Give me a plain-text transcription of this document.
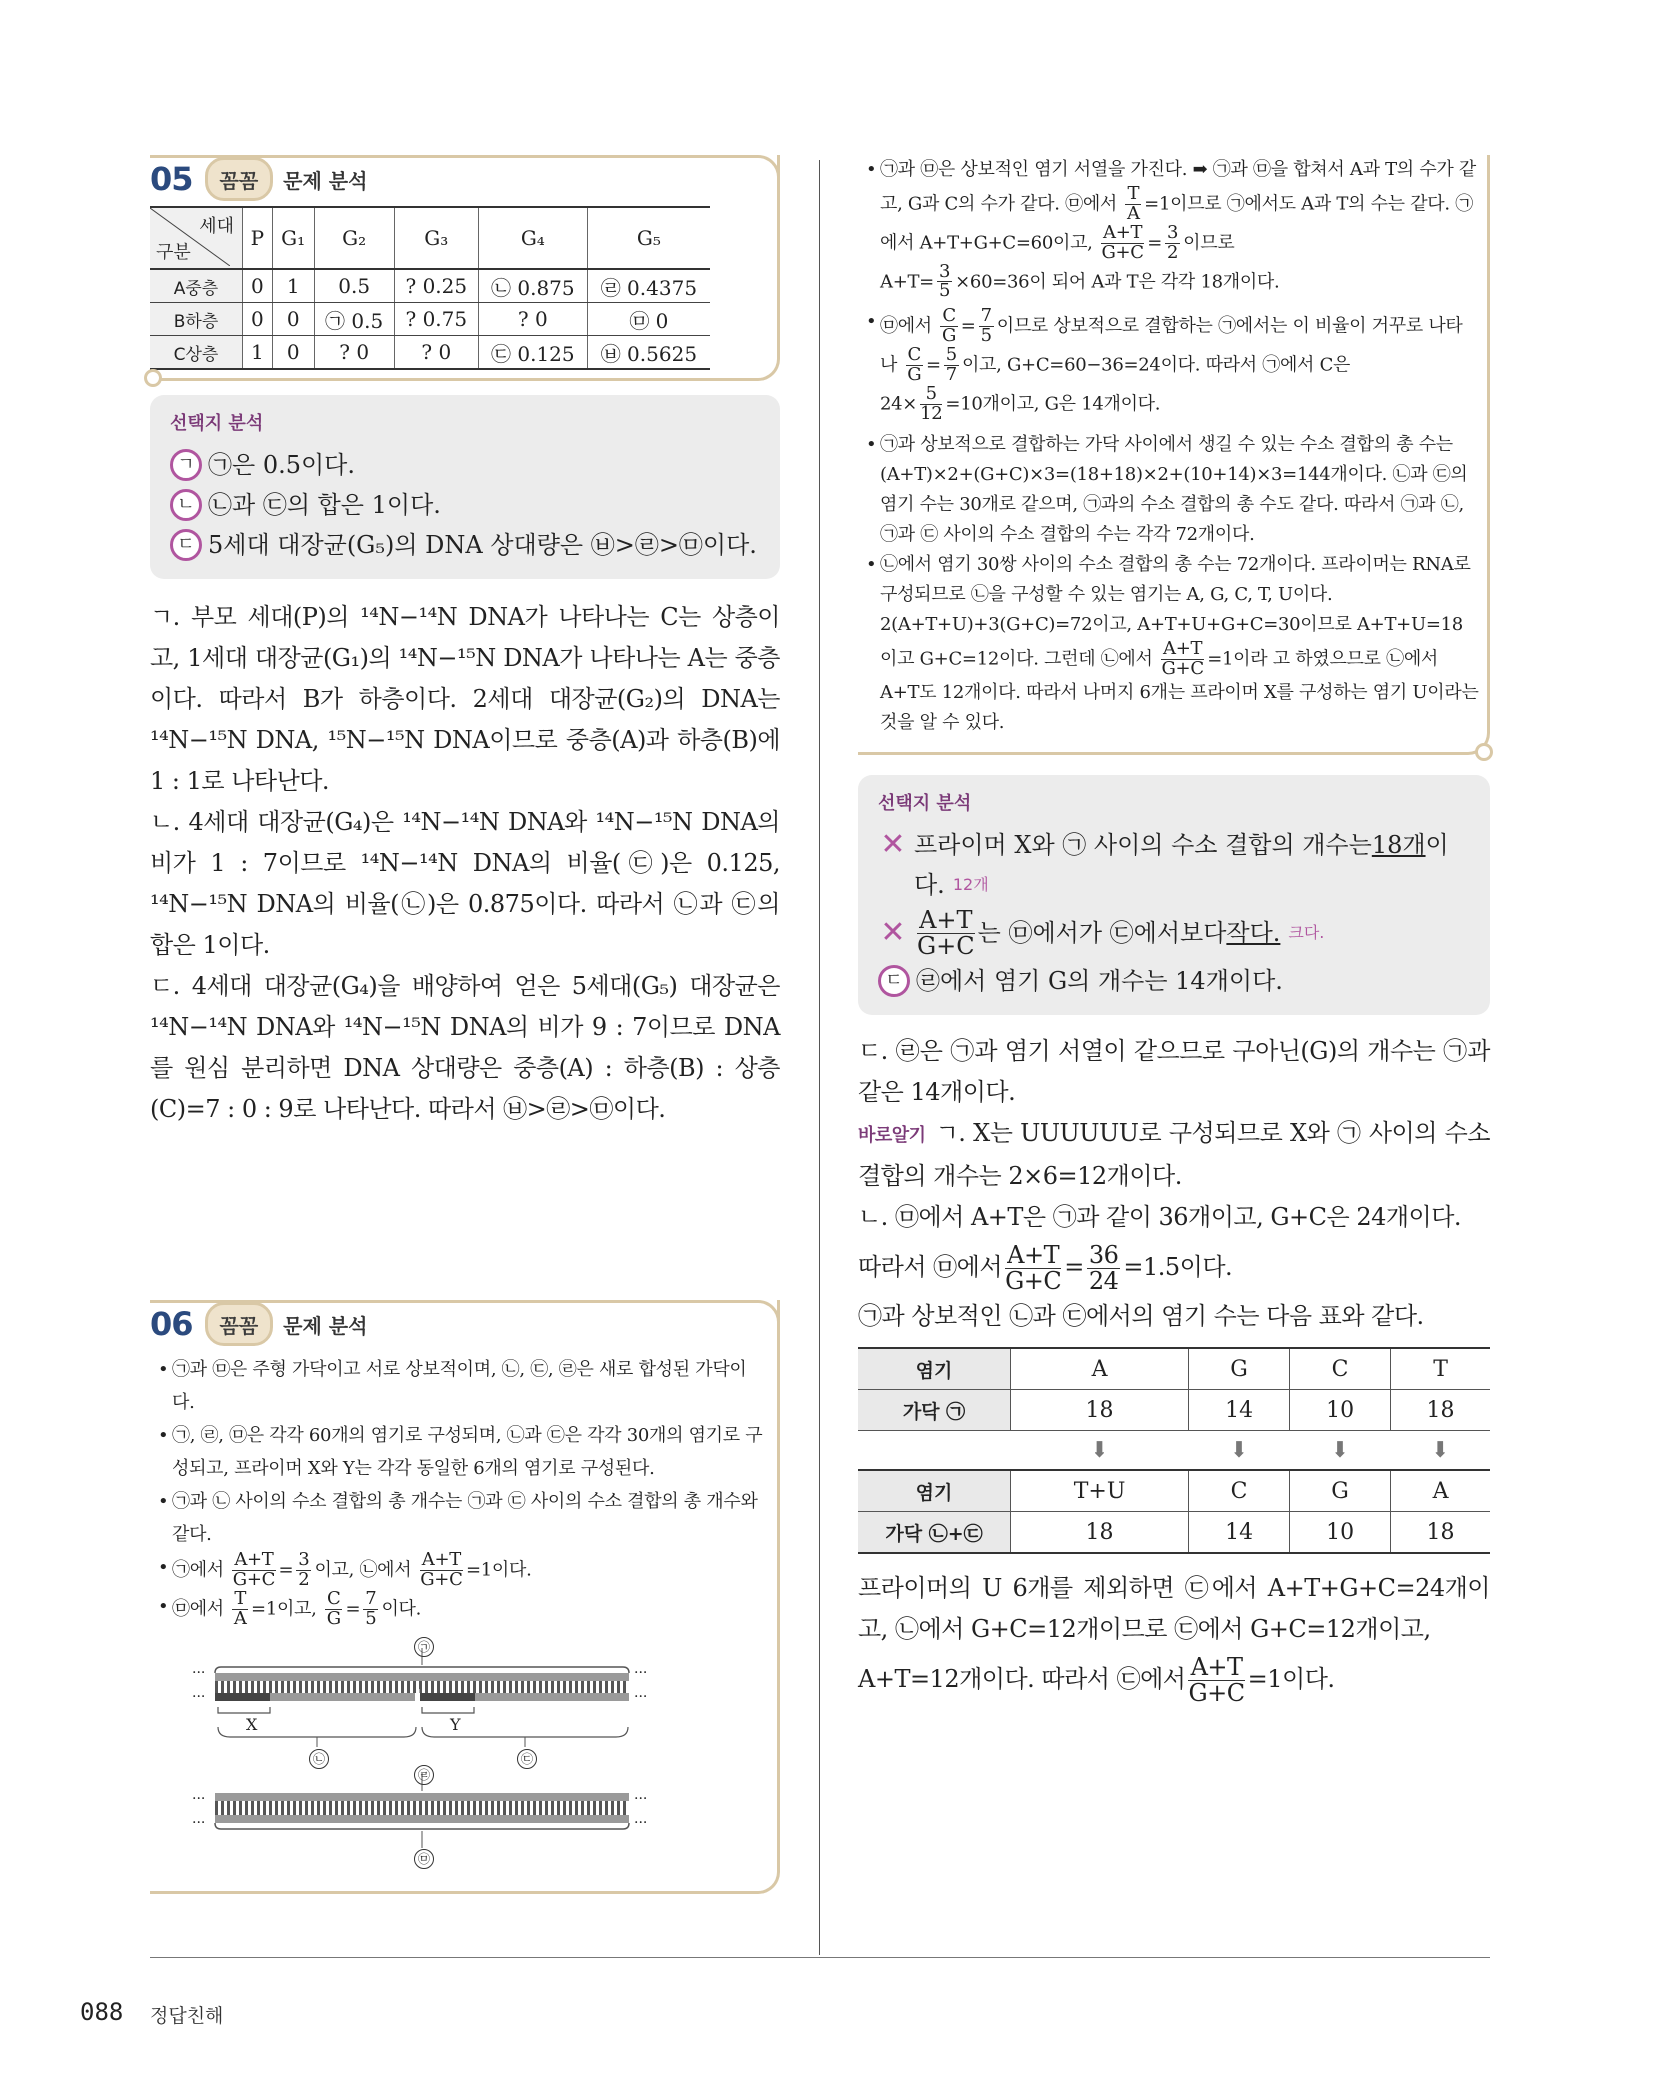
05	꼼꼼	문제 분석
세대
구분	P	G₁	G₂	G₃	G₄	G₅
A중층	0	1	0.5	? 0.25	㉡ 0.875	㉣ 0.4375
B하층	0	0	㉠ 0.5	? 0.75	? 0	㉤ 0
C상층	1	0	? 0	? 0	㉢ 0.125	㉥ 0.5625
선택지 분석
ㄱ ㉠은 0.5이다.
ㄴ ㉡과 ㉢의 합은 1이다.
ㄷ 5세대 대장균(G₅)의 DNA 상대량은 ㉥>㉣>㉤이다.

ㄱ. 부모 세대(P)의 ¹⁴N−¹⁴N DNA가 나타나는 C는 상층이고, 1세대 대장균(G₁)의 ¹⁴N−¹⁵N DNA가 나타나는 A는 중층이다. 따라서 B가 하층이다. 2세대 대장균(G₂)의 DNA는 ¹⁴N−¹⁵N DNA, ¹⁵N−¹⁵N DNA이므로 중층(A)과 하층(B)에 1 : 1로 나타난다.

ㄴ. 4세대 대장균(G₄)은 ¹⁴N−¹⁴N DNA와 ¹⁴N−¹⁵N DNA의 비가 1 : 7이므로 ¹⁴N−¹⁴N DNA의 비율(㉢)은 0.125, ¹⁴N−¹⁵N DNA의 비율(㉡)은 0.875이다. 따라서 ㉡과 ㉢의 합은 1이다.

ㄷ. 4세대 대장균(G₄)을 배양하여 얻은 5세대(G₅) 대장균은 ¹⁴N−¹⁴N DNA와 ¹⁴N−¹⁵N DNA의 비가 9 : 7이므로 DNA를 원심 분리하면 DNA 상대량은 중층(A) : 하층(B) : 상층(C)=7 : 0 : 9로 나타난다. 따라서 ㉥>㉣>㉤이다.

06	꼼꼼	문제 분석
• ㉠과 ㉤은 주형 가닥이고 서로 상보적이며, ㉡, ㉢, ㉣은 새로 합성된 가닥이다.
• ㉠, ㉣, ㉤은 각각 60개의 염기로 구성되며, ㉡과 ㉢은 각각 30개의 염기로 구성되고, 프라이머 X와 Y는 각각 동일한 6개의 염기로 구성된다.
• ㉠과 ㉡ 사이의 수소 결합의 총 개수는 ㉠과 ㉢ 사이의 수소 결합의 총 개수와 같다.
• ㉠에서 $\frac{A+T}{G+C} = \frac{3}{2}$ 이고, ㉡에서 $\frac{A+T}{G+C} =1$이다.
• ㉤에서 $\frac{T}{A} =1$이고, $\frac{C}{G} = \frac{7}{5}$ 이다.
㉠
X	Y
㉡	㉢
㉣
㉤
...
...
...
...
...
...
...
...
• ㉠과 ㉤은 상보적인 염기 서열을 가진다. ➡ ㉠과 ㉤을 합쳐서 A과 T의 수가 같고, G과 C의 수가 같다. ㉤에서 $\frac{T}{A} =1$이므로 ㉠에서도 A과 T의 수는 같다. ㉠에서 A+T+G+C=60이고, $\frac{A+T}{G+C} = \frac{3}{2}$ 이므로
$A+T= \frac{3}{5} \times 60=36$이 되어 A과 T은 각각 18개이다.
• ㉤에서 $\frac{C}{G} = \frac{7}{5}$ 이므로 상보적으로 결합하는 ㉠에서는 이 비율이 거꾸로 나타나 $\frac{C}{G} = \frac{5}{7}$ 이고, G+C=60−36=24이다. 따라서 ㉠에서 C은
$24\times \frac{5}{12} =10$개이고, G은 14개이다.
• ㉠과 상보적으로 결합하는 가닥 사이에서 생길 수 있는 수소 결합의 총 수는 (A+T)×2+(G+C)×3=(18+18)×2+(10+14)×3=144개이다. ㉡과 ㉢의 염기 수는 30개로 같으며, ㉠과의 수소 결합의 총 수도 같다. 따라서 ㉠과 ㉡, ㉠과 ㉢ 사이의 수소 결합의 수는 각각 72개이다.
• ㉡에서 염기 30쌍 사이의 수소 결합의 총 수는 72개이다. 프라이머는 RNA로 구성되므로 ㉡을 구성할 수 있는 염기는 A, G, C, T, U이다. 2(A+T+U)+3(G+C)=72이고, A+T+U+G+C=30이므로 A+T+U=18이고 G+C=12이다. 그런데 ㉡에서 $\frac{A+T}{G+C} =1$이라 고 하였으므로 ㉡에서 A+T도 12개이다. 따라서 나머지 6개는 프라이머 X를 구성하는 염기 U이라는 것을 알 수 있다.
선택지 분석
✕ 프라이머 X와 ㉠ 사이의 수소 결합의 개수는 18개 이
다. 12개
✕ $\frac{A+T}{G+C}$ 는 ㉤에서가 ㉢에서보다 작다. 크다.
ㄷ ㉣에서 염기 G의 개수는 14개이다.

ㄷ. ㉣은 ㉠과 염기 서열이 같으므로 구아닌(G)의 개수는 ㉠과 같은 14개이다.

바로알기 ㄱ. X는 UUUUUU로 구성되므로 X와 ㉠ 사이의 수소 결합의 개수는 2×6=12개이다.

ㄴ. ㉤에서 A+T은 ㉠과 같이 36개이고, G+C은 24개이다.

따라서 ㉤에서 $\frac{A+T}{G+C} = \frac{36}{24} =1.5$이다.

㉠과 상보적인 ㉡과 ㉢에서의 염기 수는 다음 표와 같다.

염기	A	G	C	T
가닥 ㉠	18	14	10	18
	⬇	⬇	⬇	⬇
염기	T+U	C	G	A
가닥 ㉡+㉢	18	14	10	18

프라이머의 U 6개를 제외하면 ㉢에서 A+T+G+C=24개이고, ㉡에서 G+C=12개이므로 ㉢에서 G+C=12개이고,

A+T=12개이다. 따라서 ㉢에서 $\frac{A+T}{G+C} =1$이다.

088 정답친해
